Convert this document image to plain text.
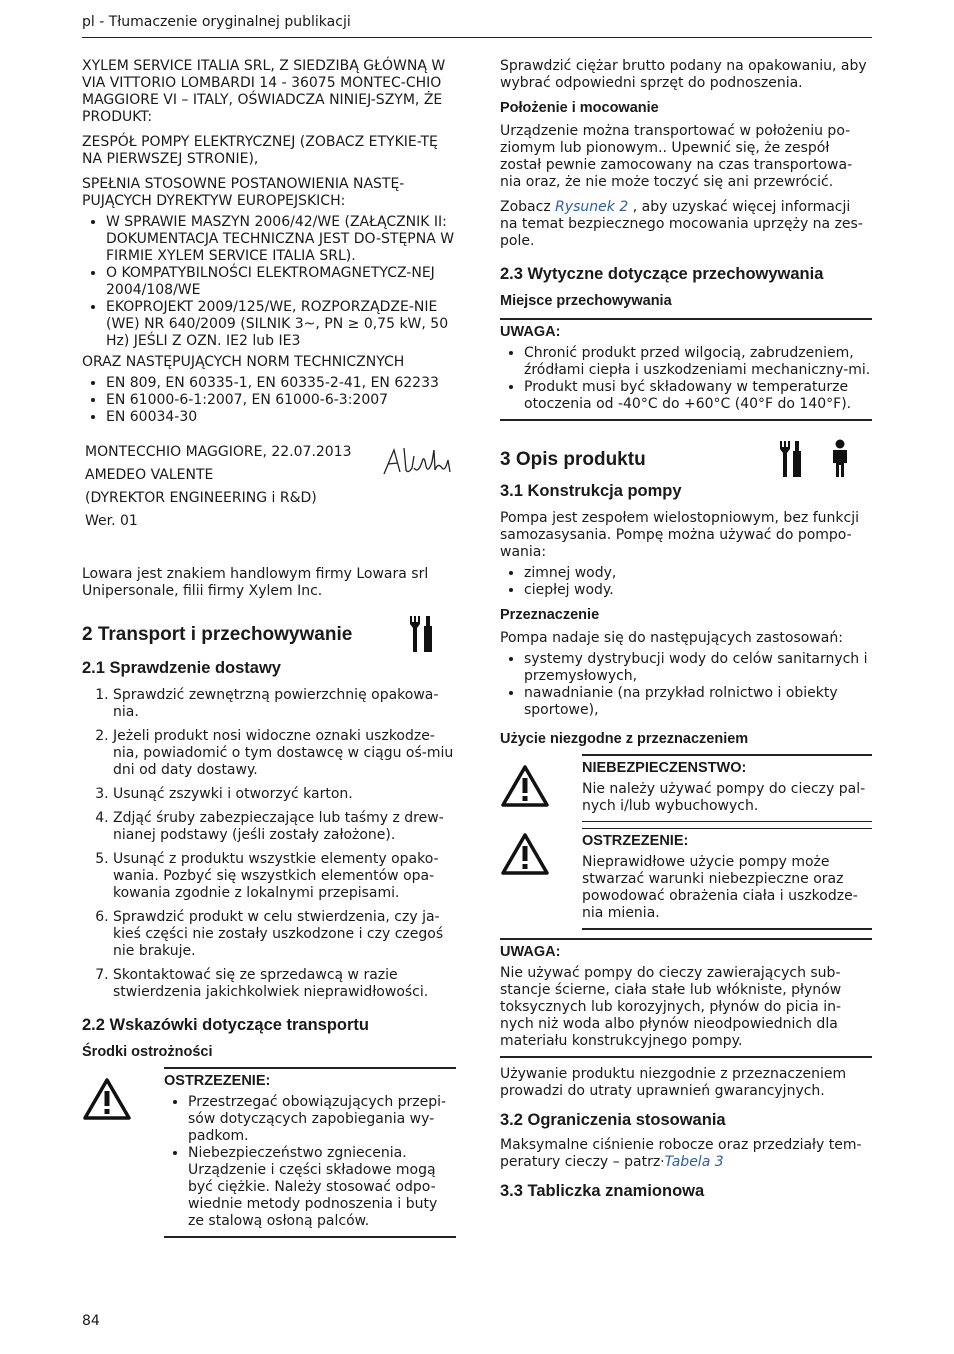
pl - Tłumaczenie oryginalnej publikacji

XYLEM SERVICE ITALIA SRL, Z SIEDZIBĄ GŁÓWNĄ W VIA VITTORIO LOMBARDI 14 - 36075 MONTEC-CHIO MAGGIORE VI – ITALY, OŚWIADCZA NINIEJ-SZYM, ŻE PRODUKT:

ZESPÓŁ POMPY ELEKTRYCZNEJ (ZOBACZ ETYKIE-TĘ NA PIERWSZEJ STRONIE),

SPEŁNIA STOSOWNE POSTANOWIENIA NASTĘ-PUJĄCYCH DYREKTYW EUROPEJSKICH:

• W SPRAWIE MASZYN 2006/42/WE (ZAŁĄCZNIK II: DOKUMENTACJA TECHNICZNA JEST DO-STĘPNA W FIRMIE XYLEM SERVICE ITALIA SRL).
• O KOMPATYBILNOŚCI ELEKTROMAGNETYCZ-NEJ 2004/108/WE
• EKOPROJEKT 2009/125/WE, ROZPORZĄDZE-NIE (WE) NR 640/2009 (SILNIK 3~, PN ≥ 0,75 kW, 50 Hz) JEŚLI Z OZN. IE2 lub IE3

ORAZ NASTĘPUJĄCYCH NORM TECHNICZNYCH

• EN 809, EN 60335-1, EN 60335-2-41, EN 62233
• EN 61000-6-1:2007, EN 61000-6-3:2007
• EN 60034-30
MONTECCHIO MAGGIORE, 22.07.2013
AMEDEO VALENTE
(DYREKTOR ENGINEERING i R&D)
Wer. 01

Lowara jest znakiem handlowym firmy Lowara srl Unipersonale, filii firmy Xylem Inc.

2 Transport i przechowywanie
2.1 Sprawdzenie dostawy
1. Sprawdzić zewnętrzną powierzchnię opakowa-nia.
2. Jeżeli produkt nosi widoczne oznaki uszkodze-nia, powiadomić o tym dostawcę w ciągu oś-miu dni od daty dostawy.
3. Usunąć zszywki i otworzyć karton.
4. Zdjąć śruby zabezpieczające lub taśmy z drew-nianej podstawy (jeśli zostały założone).
5. Usunąć z produktu wszystkie elementy opako-wania. Pozbyć się wszystkich elementów opa-kowania zgodnie z lokalnymi przepisami.
6. Sprawdzić produkt w celu stwierdzenia, czy ja-kieś części nie zostały uszkodzone i czy czegoś nie brakuje.
7. Skontaktować się ze sprzedawcą w razie stwierdzenia jakichkolwiek nieprawidłowości.
2.2 Wskazówki dotyczące transportu
Środki ostrożności
OSTRZEZENIE:
• Przestrzegać obowiązujących przepi-sów dotyczących zapobiegania wy-padkom.
• Niebezpieczeństwo zgniecenia. Urządzenie i części składowe mogą być ciężkie. Należy stosować odpo-wiednie metody podnoszenia i buty ze stalową osłoną palców.

Sprawdzić ciężar brutto podany na opakowaniu, aby wybrać odpowiedni sprzęt do podnoszenia.

Położenie i mocowanie

Urządzenie można transportować w położeniu po-ziomym lub pionowym.. Upewnić się, że zespół został pewnie zamocowany na czas transportowa-nia oraz, że nie może toczyć się ani przewrócić.

Zobacz Rysunek 2 , aby uzyskać więcej informacji na temat bezpiecznego mocowania uprzęży na zes-pole.

2.3 Wytyczne dotyczące przechowywania
Miejsce przechowywania
UWAGA:
• Chronić produkt przed wilgocią, zabrudzeniem, źródłami ciepła i uszkodzeniami mechaniczny-mi.
• Produkt musi być składowany w temperaturze otoczenia od -40°C do +60°C (40°F do 140°F).
3 Opis produktu
3.1 Konstrukcja pompy

Pompa jest zespołem wielostopniowym, bez funkcji samozasysania. Pompę można używać do pompo-wania:

• zimnej wody,
• ciepłej wody.
Przeznaczenie

Pompa nadaje się do następujących zastosowań:

• systemy dystrybucji wody do celów sanitarnych i przemysłowych,
• nawadnianie (na przykład rolnictwo i obiekty sportowe),
Użycie niezgodne z przeznaczeniem
NIEBEZPIECZENSTWO:
Nie należy używać pompy do cieczy pal-nych i/lub wybuchowych.
OSTRZEZENIE:
Nieprawidłowe użycie pompy może stwarzać warunki niebezpieczne oraz powodować obrażenia ciała i uszkodze-nia mienia.
UWAGA:
Nie używać pompy do cieczy zawierających sub-stancje ścierne, ciała stałe lub włókniste, płynów toksycznych lub korozyjnych, płynów do picia in-nych niż woda albo płynów nieodpowiednich dla materiału konstrukcyjnego pompy.

Używanie produktu niezgodnie z przeznaczeniem prowadzi do utraty uprawnień gwarancyjnych.

3.2 Ograniczenia stosowania

Maksymalne ciśnienie robocze oraz przedziały tem-peratury cieczy – patrz·Tabela 3

3.3 Tabliczka znamionowa
84
